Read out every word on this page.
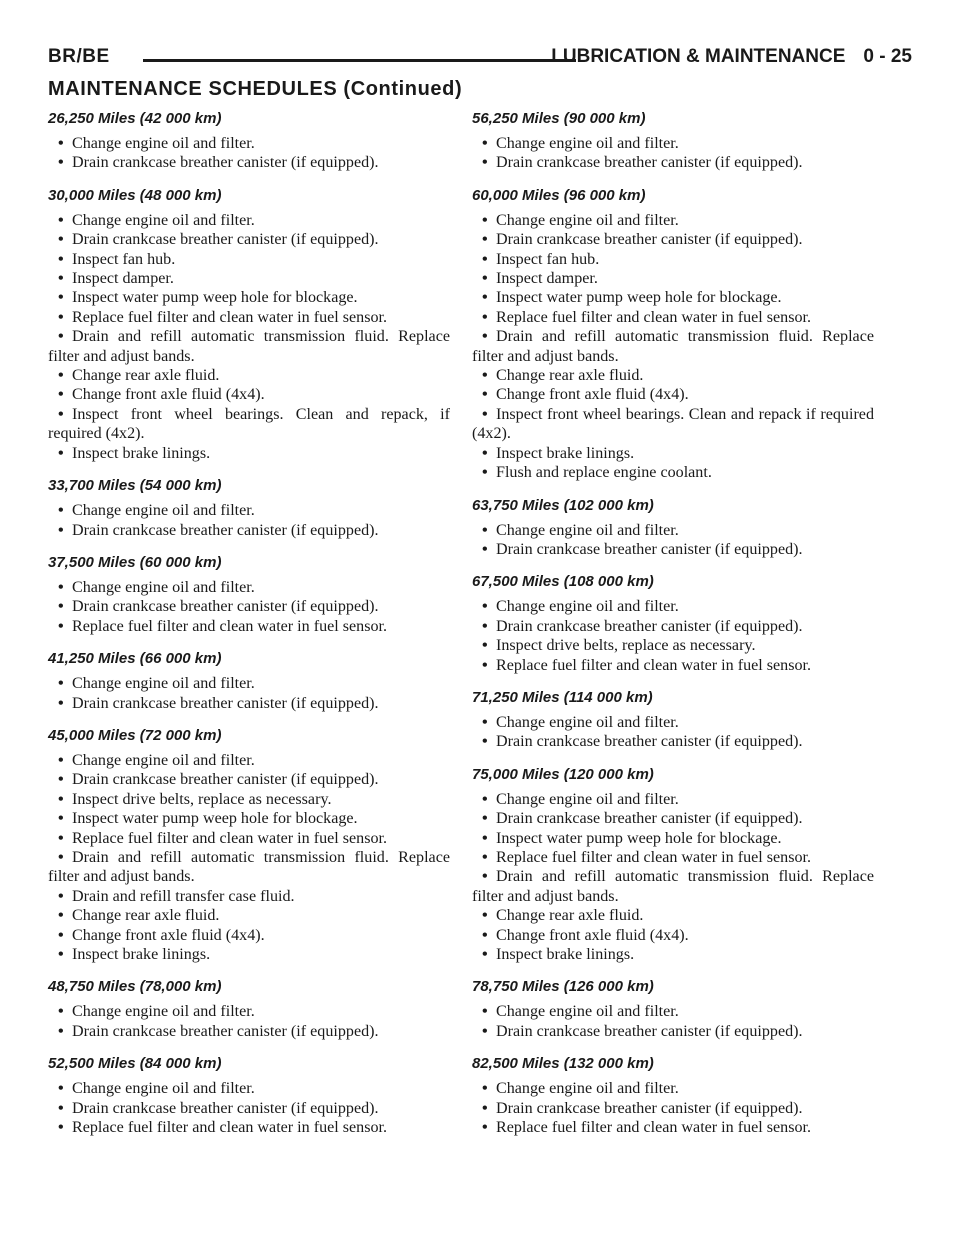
BR/BE	LUBRICATION & MAINTENANCE 0 - 25
MAINTENANCE SCHEDULES (Continued)
26,250 Miles (42 000 km)
• Change engine oil and filter.
• Drain crankcase breather canister (if equipped).
30,000 Miles (48 000 km)
• Change engine oil and filter.
• Drain crankcase breather canister (if equipped).
• Inspect fan hub.
• Inspect damper.
• Inspect water pump weep hole for blockage.
• Replace fuel filter and clean water in fuel sensor.
• Drain and refill automatic transmission fluid. Replace filter and adjust bands.
• Change rear axle fluid.
• Change front axle fluid (4x4).
• Inspect front wheel bearings. Clean and repack, if required (4x2).
• Inspect brake linings.
33,700 Miles (54 000 km)
• Change engine oil and filter.
• Drain crankcase breather canister (if equipped).
37,500 Miles (60 000 km)
• Change engine oil and filter.
• Drain crankcase breather canister (if equipped).
• Replace fuel filter and clean water in fuel sensor.
41,250 Miles (66 000 km)
• Change engine oil and filter.
• Drain crankcase breather canister (if equipped).
45,000 Miles (72 000 km)
• Change engine oil and filter.
• Drain crankcase breather canister (if equipped).
• Inspect drive belts, replace as necessary.
• Inspect water pump weep hole for blockage.
• Replace fuel filter and clean water in fuel sensor.
• Drain and refill automatic transmission fluid. Replace filter and adjust bands.
• Drain and refill transfer case fluid.
• Change rear axle fluid.
• Change front axle fluid (4x4).
• Inspect brake linings.
48,750 Miles (78,000 km)
• Change engine oil and filter.
• Drain crankcase breather canister (if equipped).
52,500 Miles (84 000 km)
• Change engine oil and filter.
• Drain crankcase breather canister (if equipped).
• Replace fuel filter and clean water in fuel sensor.
56,250 Miles (90 000 km)
• Change engine oil and filter.
• Drain crankcase breather canister (if equipped).
60,000 Miles (96 000 km)
• Change engine oil and filter.
• Drain crankcase breather canister (if equipped).
• Inspect fan hub.
• Inspect damper.
• Inspect water pump weep hole for blockage.
• Replace fuel filter and clean water in fuel sensor.
• Drain and refill automatic transmission fluid. Replace filter and adjust bands.
• Change rear axle fluid.
• Change front axle fluid (4x4).
• Inspect front wheel bearings. Clean and repack if required (4x2).
• Inspect brake linings.
• Flush and replace engine coolant.
63,750 Miles (102 000 km)
• Change engine oil and filter.
• Drain crankcase breather canister (if equipped).
67,500 Miles (108 000 km)
• Change engine oil and filter.
• Drain crankcase breather canister (if equipped).
• Inspect drive belts, replace as necessary.
• Replace fuel filter and clean water in fuel sensor.
71,250 Miles (114 000 km)
• Change engine oil and filter.
• Drain crankcase breather canister (if equipped).
75,000 Miles (120 000 km)
• Change engine oil and filter.
• Drain crankcase breather canister (if equipped).
• Inspect water pump weep hole for blockage.
• Replace fuel filter and clean water in fuel sensor.
• Drain and refill automatic transmission fluid. Replace filter and adjust bands.
• Change rear axle fluid.
• Change front axle fluid (4x4).
• Inspect brake linings.
78,750 Miles (126 000 km)
• Change engine oil and filter.
• Drain crankcase breather canister (if equipped).
82,500 Miles (132 000 km)
• Change engine oil and filter.
• Drain crankcase breather canister (if equipped).
• Replace fuel filter and clean water in fuel sensor.
